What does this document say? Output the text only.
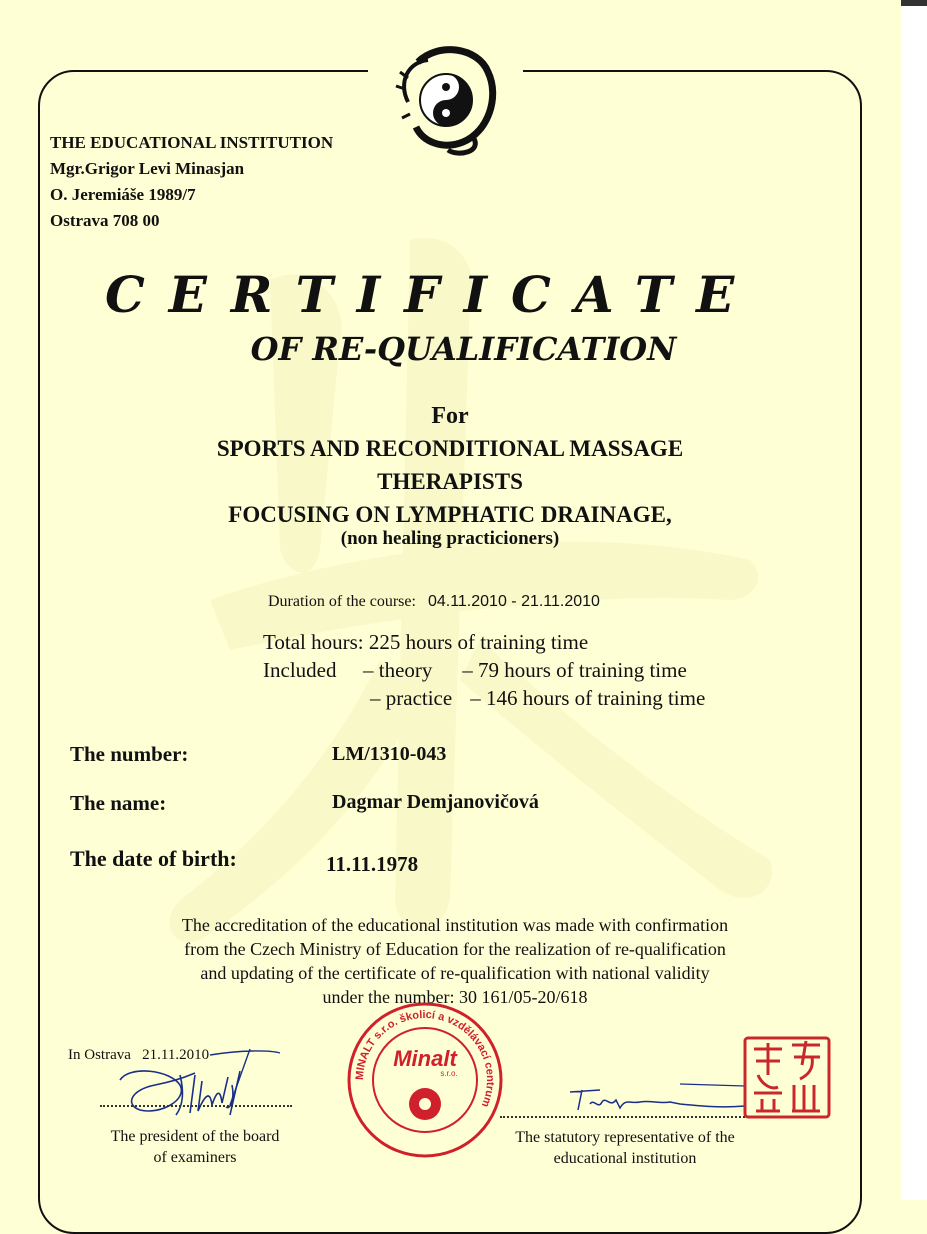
THE EDUCATIONAL INSTITUTION
Mgr.Grigor Levi Minasjan
O. Jeremiáše 1989/7
Ostrava 708 00
CERTIFICATE
OF RE-QUALIFICATION
For
SPORTS AND RECONDITIONAL MASSAGE
THERAPISTS
FOCUSING ON LYMPHATIC DRAINAGE,
(non healing practicioners)
Duration of the course: 04.11.2010 - 21.11.2010
Total hours: 225 hours of training time
Included – theory – 79 hours of training time
– practice – 146 hours of training time
The number:	LM/1310-043
The name:	Dagmar Demjanovičová
The date of birth:	11.11.1978
The accreditation of the educational institution was made with confirmation
from the Czech Ministry of Education for the realization of re-qualification
and updating of the certificate of re-qualification with national validity
under the number: 30 161/05-20/618
In Ostrava   21.11.2010
The president of the board
of examiners
MINALT s.r.o. školicí a vzdělávací centrum
Minalt
s.r.o.
The statutory representative of the
educational institution
